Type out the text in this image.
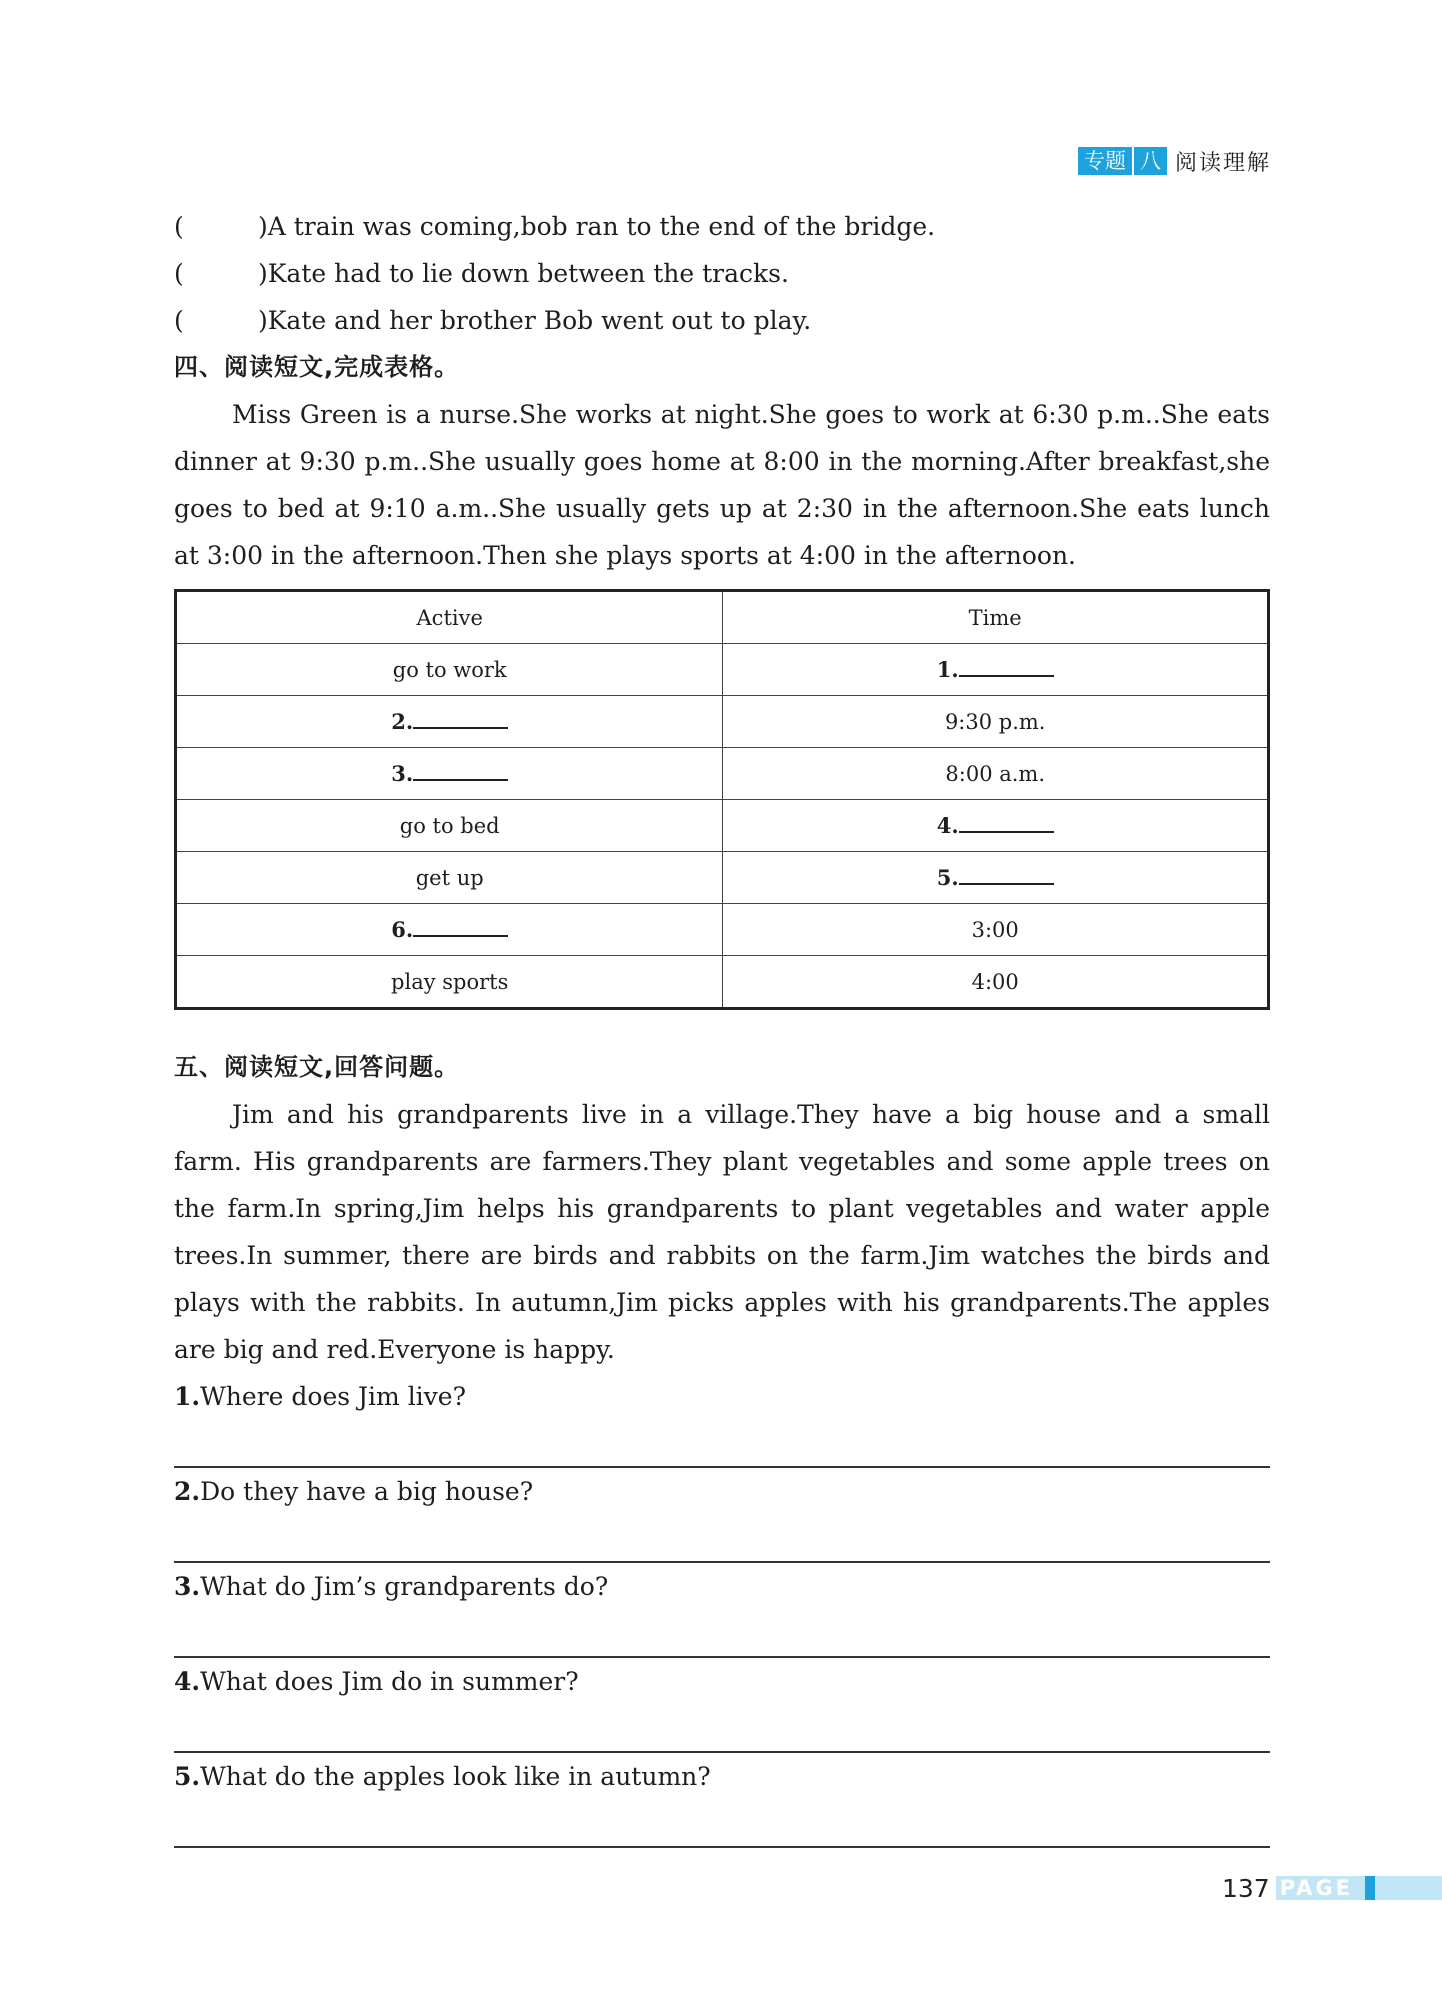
专题 八 阅读理解
(	)A train was coming,bob ran to the end of the bridge.
(	)Kate had to lie down between the tracks.
(	)Kate and her brother Bob went out to play.
四、阅读短文,完成表格。

Miss Green is a nurse.She works at night.She goes to work at 6:30 p.m..She eats dinner at 9:30 p.m..She usually goes home at 8:00 in the morning.After breakfast,she goes to bed at 9:10 a.m..She usually gets up at 2:30 in the afternoon.She eats lunch at 3:00 in the afternoon.Then she plays sports at 4:00 in the afternoon.

Active	Time
go to work	1.
2.	9:30 p.m.
3.	8:00 a.m.
go to bed	4.
get up	5.
6.	3:00
play sports	4:00
五、阅读短文,回答问题。

Jim and his grandparents live in a village.They have a big house and a small farm. His grandparents are farmers.They plant vegetables and some apple trees on the farm.In spring,Jim helps his grandparents to plant vegetables and water apple trees.In summer, there are birds and rabbits on the farm.Jim watches the birds and plays with the rabbits. In autumn,Jim picks apples with his grandparents.The apples are big and red.Everyone is happy.

1.Where does Jim live?

2.Do they have a big house?

3.What do Jim’s grandparents do?

4.What does Jim do in summer?

5.What do the apples look like in autumn?

137 PAGE
